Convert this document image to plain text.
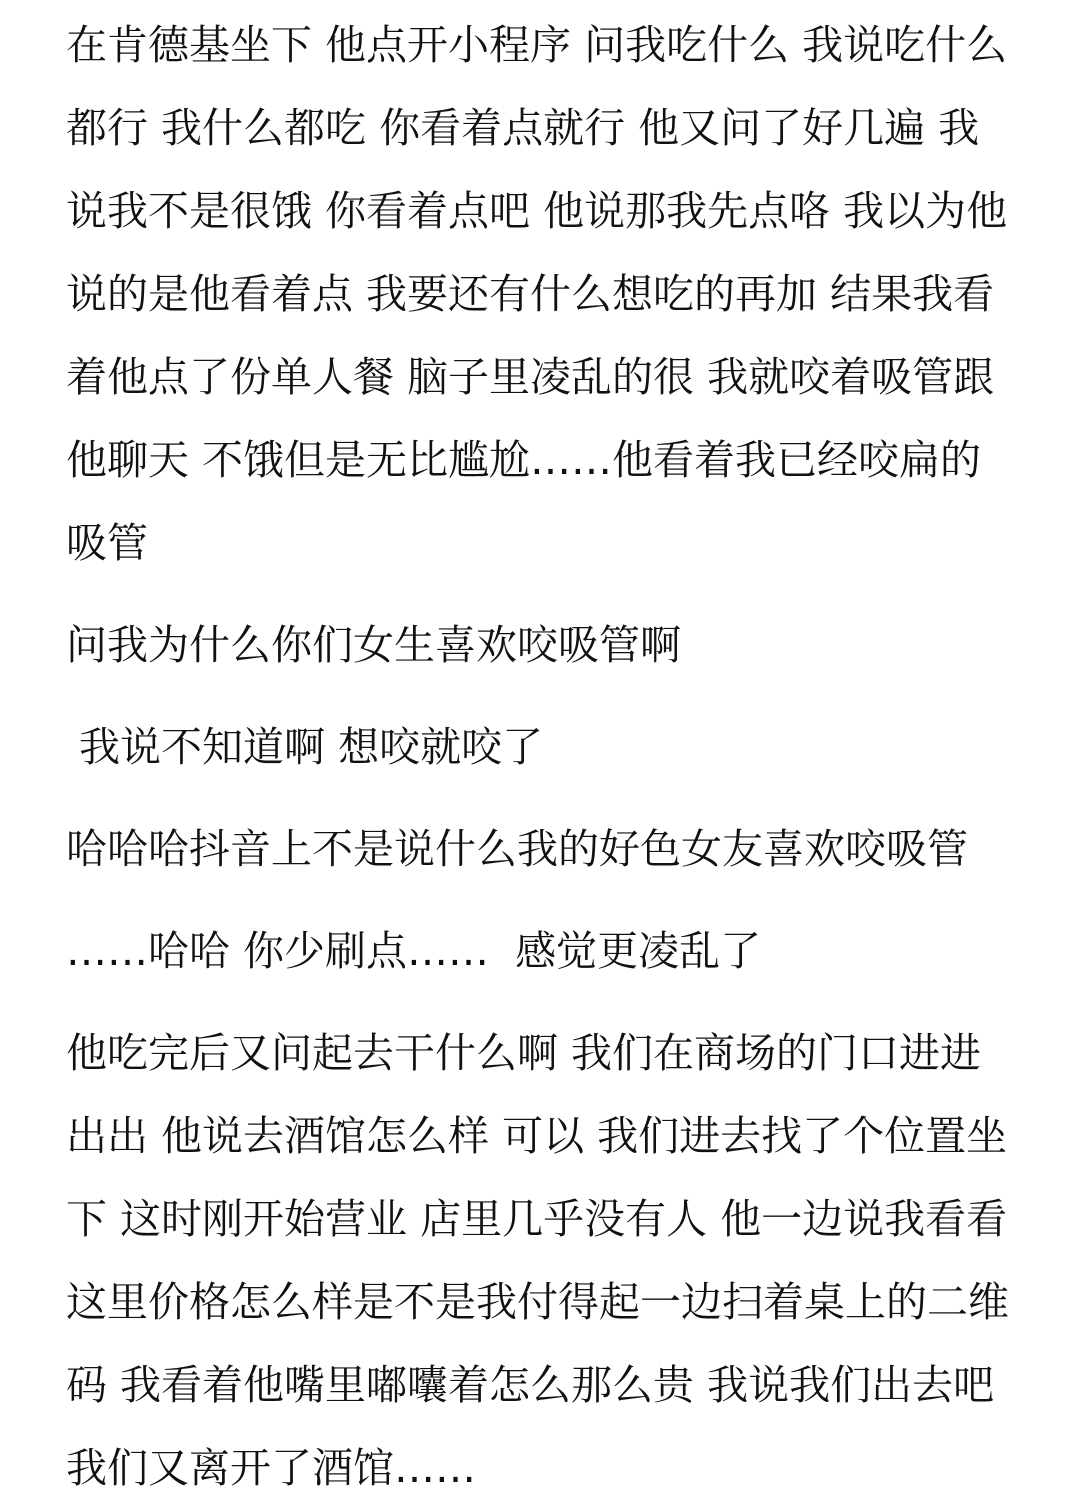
在肯德基坐下 他点开小程序 问我吃什么 我说吃什么都行 我什么都吃 你看着点就行 他又问了好几遍 我说我不是很饿 你看着点吧 他说那我先点咯 我以为他说的是他看着点 我要还有什么想吃的再加 结果我看着他点了份单人餐 脑子里凌乱的很 我就咬着吸管跟他聊天 不饿但是无比尴尬……他看着我已经咬扁的吸管

问我为什么你们女生喜欢咬吸管啊

我说不知道啊 想咬就咬了

哈哈哈抖音上不是说什么我的好色女友喜欢咬吸管

……哈哈 你少刷点……  感觉更凌乱了

他吃完后又问起去干什么啊 我们在商场的门口进进出出 他说去酒馆怎么样 可以 我们进去找了个位置坐下 这时刚开始营业 店里几乎没有人 他一边说我看看这里价格怎么样是不是我付得起一边扫着桌上的二维码 我看着他嘴里嘟囔着怎么那么贵 我说我们出去吧 我们又离开了酒馆……
